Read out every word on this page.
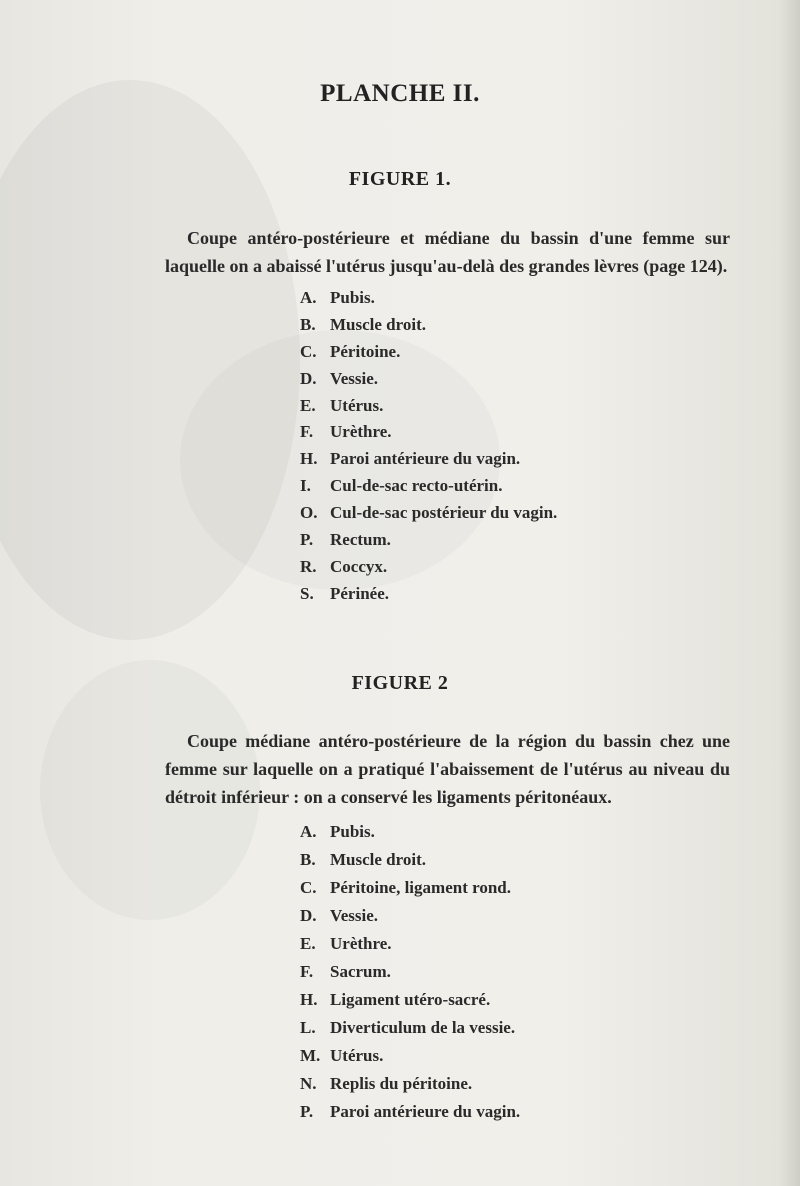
PLANCHE II.
FIGURE 1.

Coupe antéro-postérieure et médiane du bassin d'une femme sur laquelle on a abaissé l'utérus jusqu'au-delà des grandes lèvres (page 124).

A. Pubis.
B. Muscle droit.
C. Péritoine.
D. Vessie.
E. Utérus.
F. Urèthre.
H. Paroi antérieure du vagin.
I. Cul-de-sac recto-utérin.
O. Cul-de-sac postérieur du vagin.
P. Rectum.
R. Coccyx.
S. Périnée.
FIGURE 2

Coupe médiane antéro-postérieure de la région du bassin chez une femme sur laquelle on a pratiqué l'abaissement de l'utérus au niveau du détroit inférieur : on a conservé les ligaments péritonéaux.

A. Pubis.
B. Muscle droit.
C. Péritoine, ligament rond.
D. Vessie.
E. Urèthre.
F. Sacrum.
H. Ligament utéro-sacré.
L. Diverticulum de la vessie.
M. Utérus.
N. Replis du péritoine.
P. Paroi antérieure du vagin.
